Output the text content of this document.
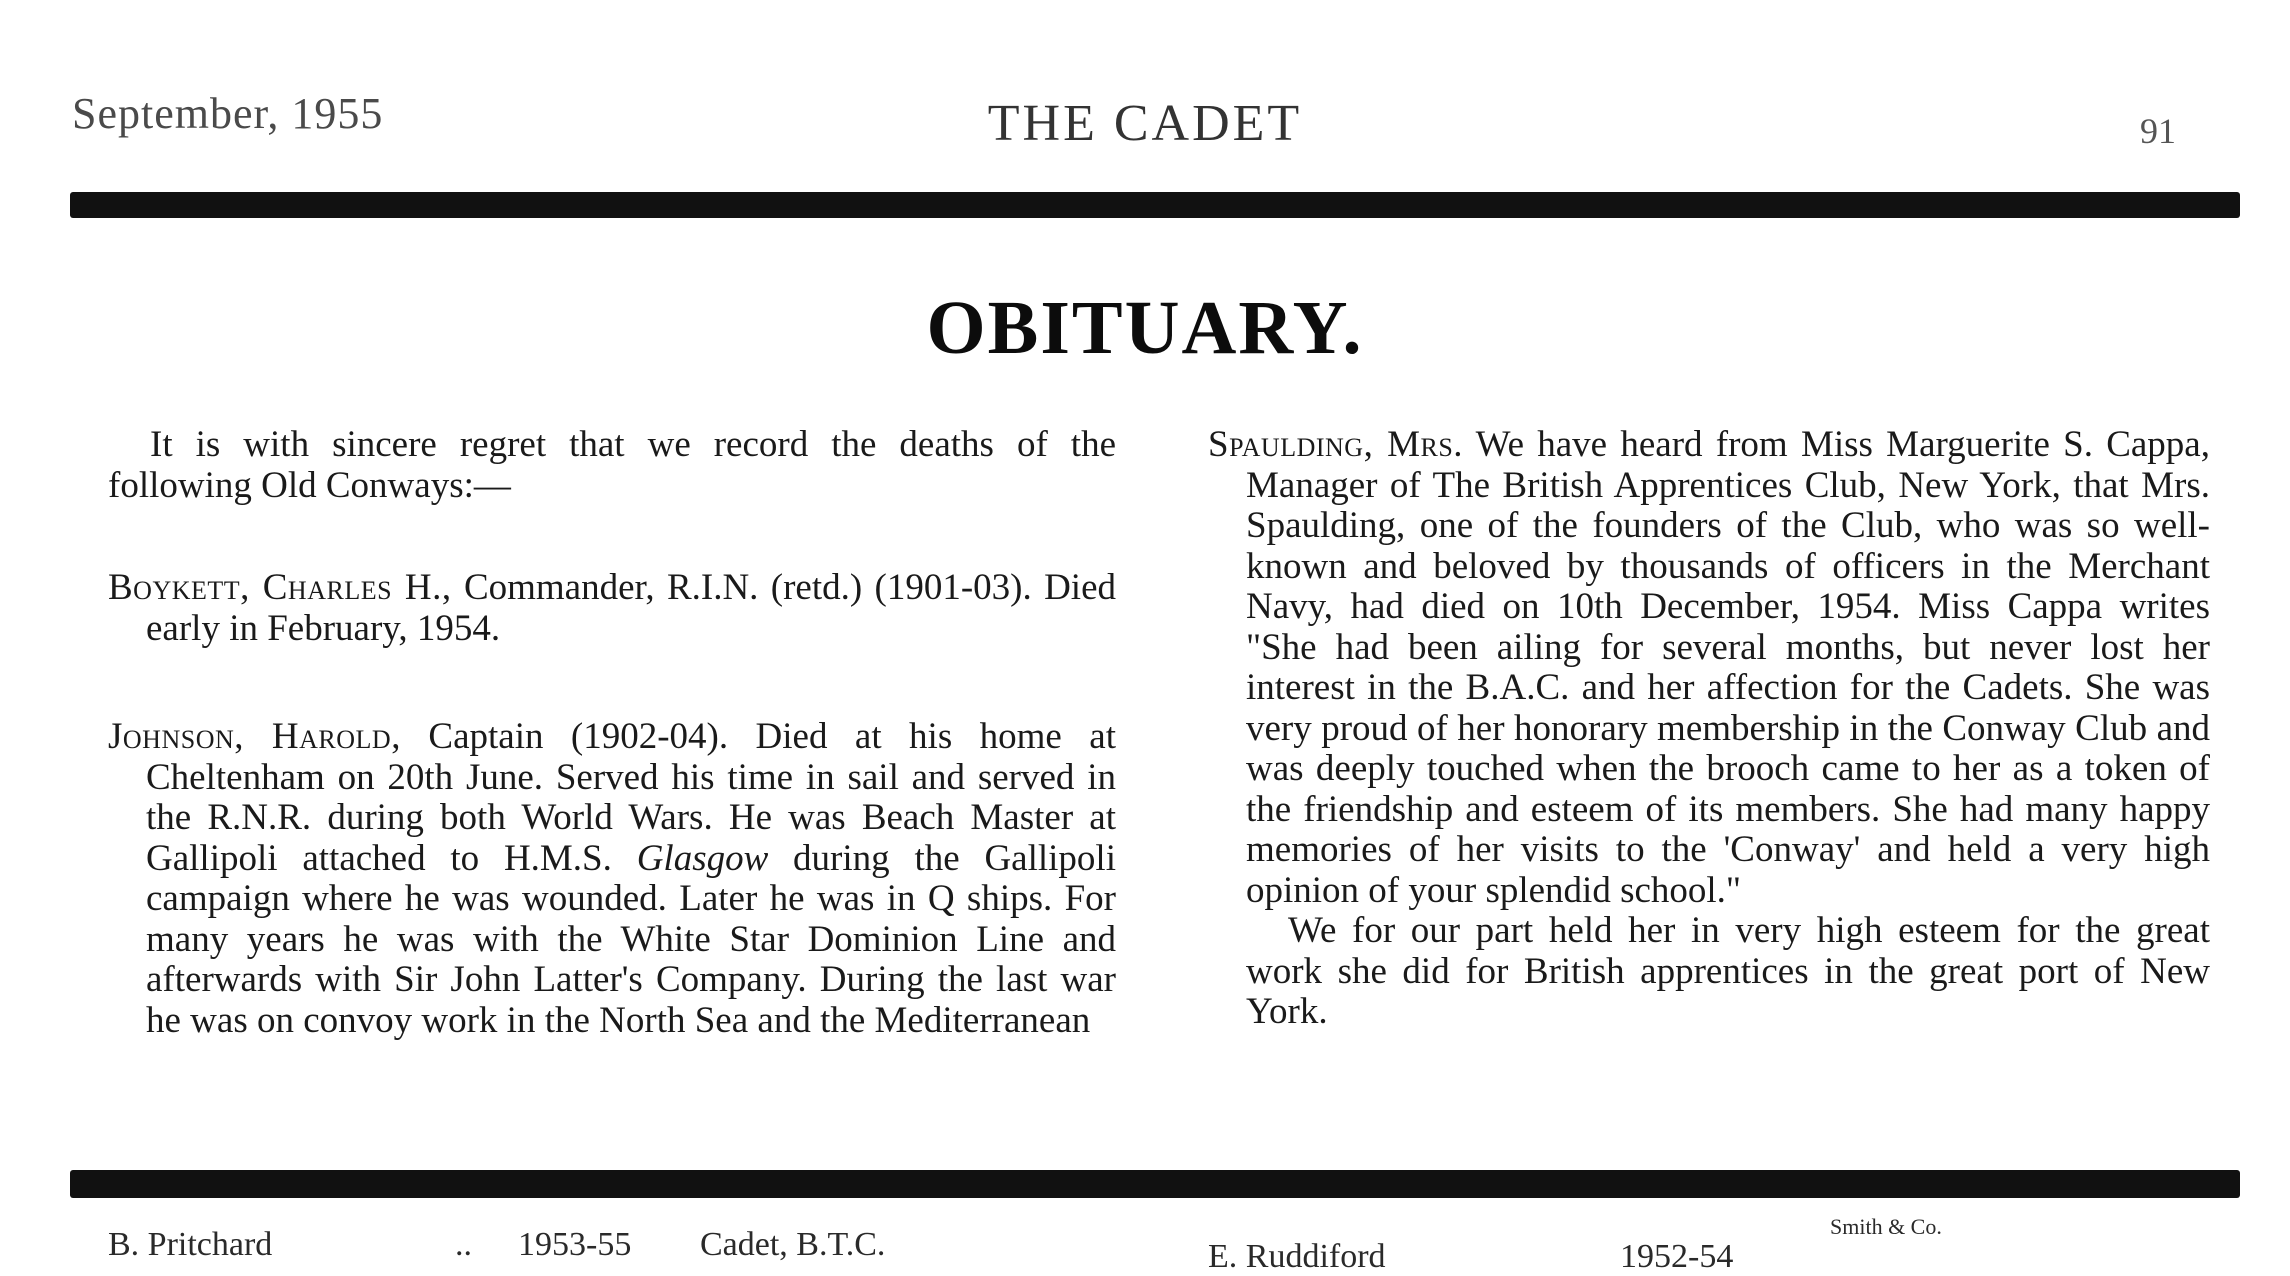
September, 1955	THE CADET	91
OBITUARY.

It is with sincere regret that we record the deaths of the following Old Conways:—

Boykett, Charles H., Commander, R.I.N. (retd.) (1901-03). Died early in February, 1954.

Johnson, Harold, Captain (1902-04). Died at his home at Cheltenham on 20th June. Served his time in sail and served in the R.N.R. during both World Wars. He was Beach Master at Gallipoli attached to H.M.S. Glasgow during the Gallipoli campaign where he was wounded. Later he was in Q ships. For many years he was with the White Star Dominion Line and afterwards with Sir John Latter's Company. During the last war he was on convoy work in the North Sea and the Mediterranean

Spaulding, Mrs. We have heard from Miss Marguerite S. Cappa, Manager of The British Apprentices Club, New York, that Mrs. Spaulding, one of the founders of the Club, who was so well-known and beloved by thousands of officers in the Merchant Navy, had died on 10th December, 1954. Miss Cappa writes "She had been ailing for several months, but never lost her interest in the B.A.C. and her affection for the Cadets. She was very proud of her honorary membership in the Conway Club and was deeply touched when the brooch came to her as a token of the friendship and esteem of its members. She had many happy memories of her visits to the 'Conway' and held a very high opinion of your splendid school."

We for our part held her in very high esteem for the great work she did for British apprentices in the great port of New York.

B. Pritchard	.. 1953-55 Cadet, B.T.C.	Smith & Co.
E. Ruddiford	1952-54
